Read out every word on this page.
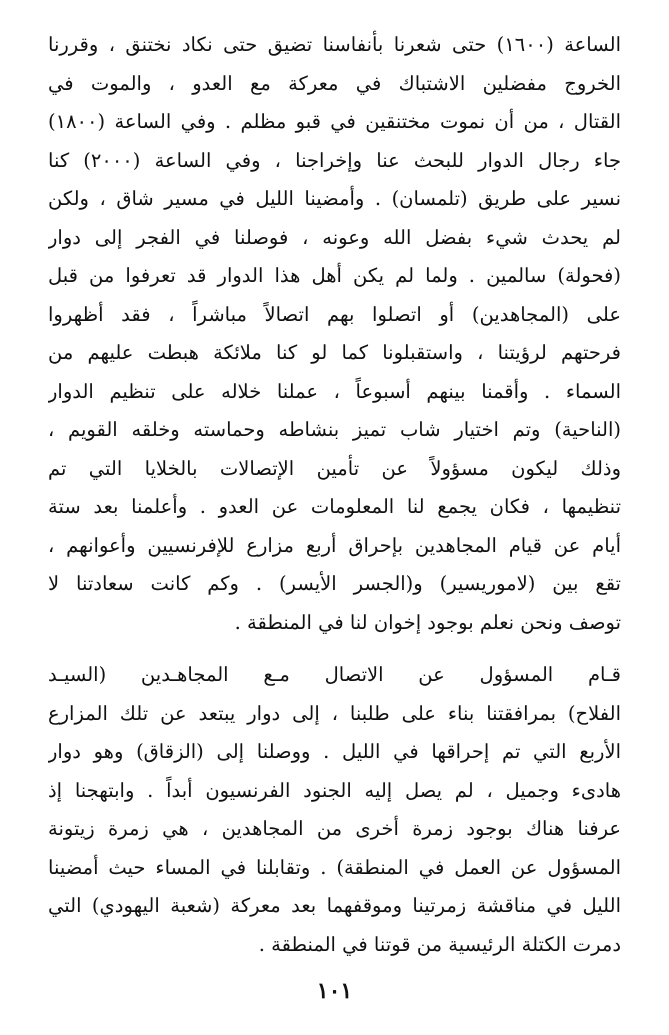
الساعة (١٦٠٠) حتى شعرنا بأنفاسنا تضيق حتى نكاد نختنق ، وقررنا
الخروج مفضلين الاشتباك في معركة مع العدو ، والموت في
القتال ، من أن نموت مختنقين في قبو مظلم . وفي الساعة (١٨٠٠)
جاء رجال الدوار للبحث عنا وإخراجنا ، وفي الساعة (٢٠٠٠) كنا
نسير على طريق (تلمسان) . وأمضينا الليل في مسير شاق ، ولكن
لم يحدث شيء بفضل الله وعونه ، فوصلنا في الفجر إلى دوار
(فحولة) سالمين . ولما لم يكن أهل هذا الدوار قد تعرفوا من قبل
على (المجاهدين) أو اتصلوا بهم اتصالاً مباشراً ، فقد أظهروا
فرحتهم لرؤيتنا ، واستقبلونا كما لو كنا ملائكة هبطت عليهم من
السماء . وأقمنا بينهم أسبوعاً ، عملنا خلاله على تنظيم الدوار
(الناحية) وتم اختيار شاب تميز بنشاطه وحماسته وخلقه القويم ،
وذلك ليكون مسؤولاً عن تأمين الإتصالات بالخلايا التي تم
تنظيمها ، فكان يجمع لنا المعلومات عن العدو . وأعلمنا بعد ستة
أيام عن قيام المجاهدين بإحراق أربع مزارع للإفرنسيين وأعوانهم ،
تقع بين (لاموريسير) و(الجسر الأيسر) . وكم كانت سعادتنا لا
توصف ونحن نعلم بوجود إخوان لنا في المنطقة .
قـام المسؤول عن الاتصال مـع المجاهـدين (السيـد
الفلاح) بمرافقتنا بناء على طلبنا ، إلى دوار يبتعد عن تلك المزارع
الأربع التي تم إحراقها في الليل . ووصلنا إلى (الزقاق) وهو دوار
هادىء وجميل ، لم يصل إليه الجنود الفرنسيون أبداً . وابتهجنا إذ
عرفنا هناك بوجود زمرة أخرى من المجاهدين ، هي زمرة زيتونة
المسؤول عن العمل في المنطقة) . وتقابلنا في المساء حيث أمضينا
الليل في مناقشة زمرتينا وموقفهما بعد معركة (شعبة اليهودي) التي
دمرت الكتلة الرئيسية من قوتنا في المنطقة .
١٠١
